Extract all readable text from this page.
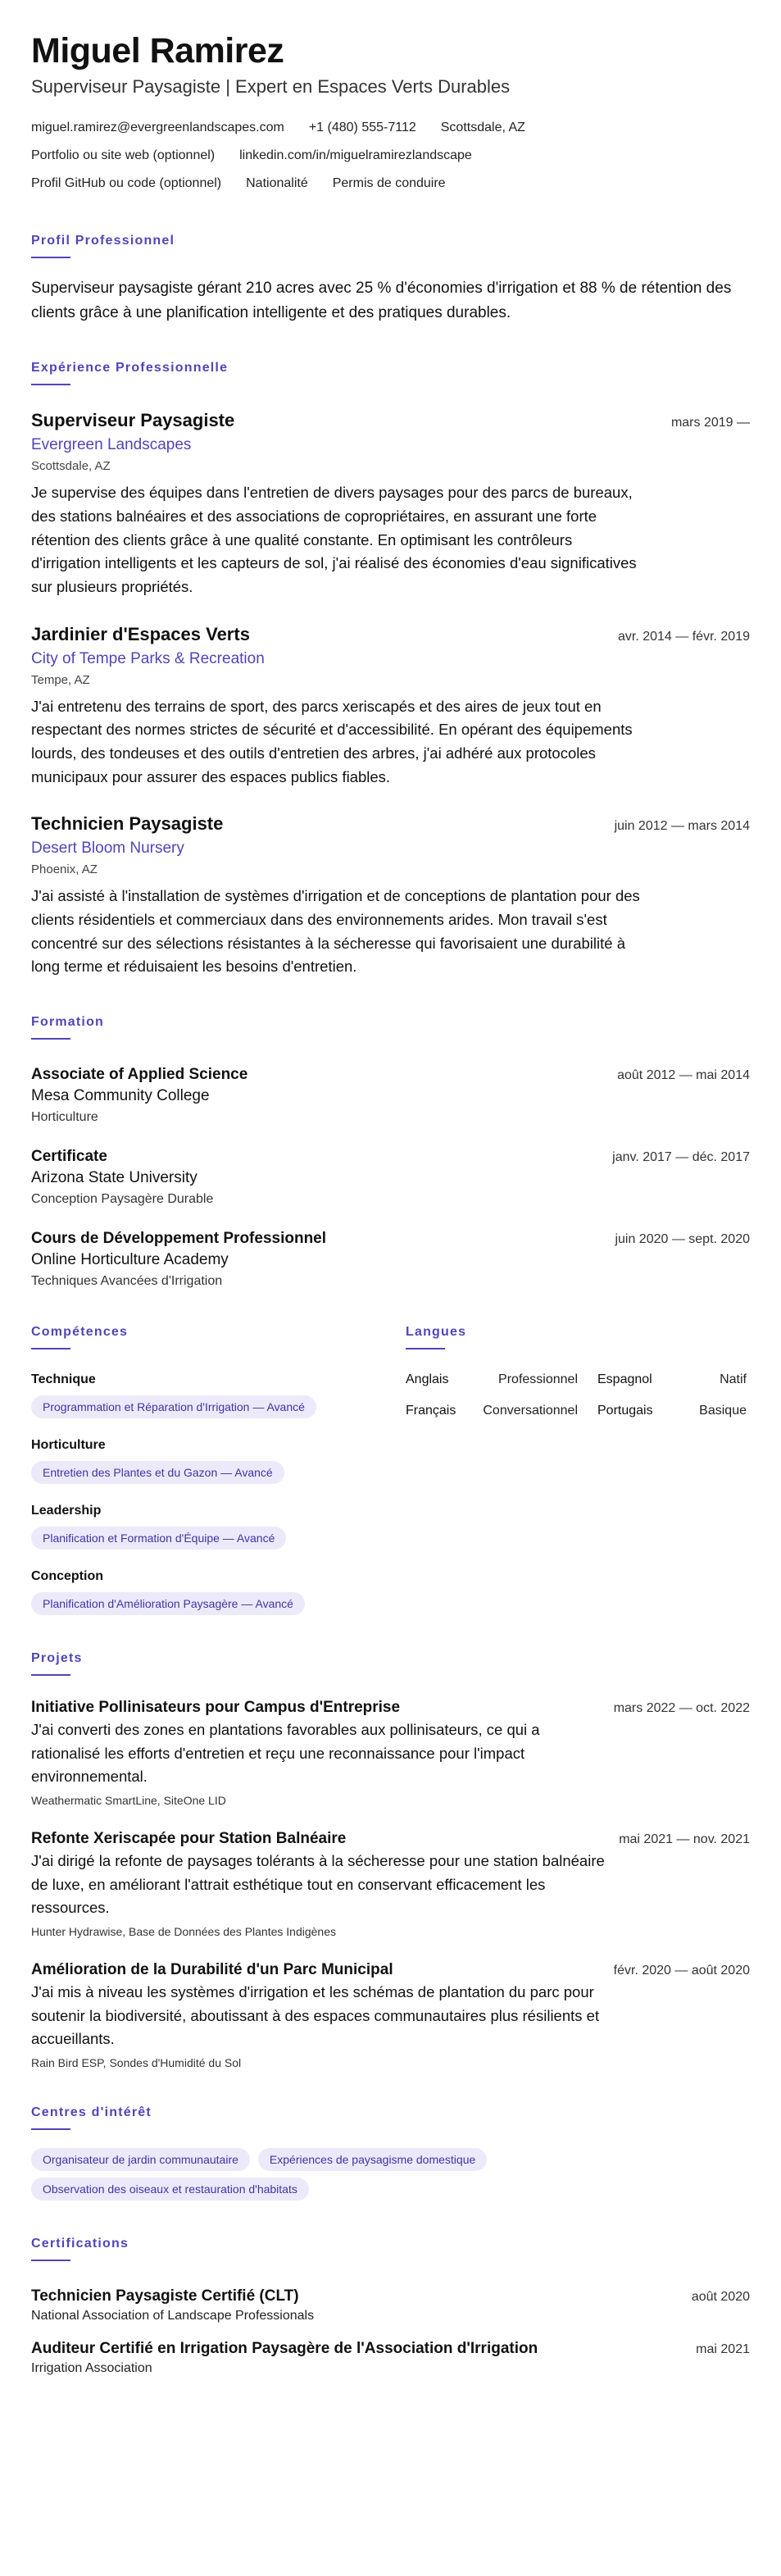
Miguel Ramirez
Superviseur Paysagiste | Expert en Espaces Verts Durables
miguel.ramirez@evergreenlandscapes.com +1 (480) 555-7112 Scottsdale, AZ
Portfolio ou site web (optionnel) linkedin.com/in/miguelramirezlandscape
Profil GitHub ou code (optionnel) Nationalité Permis de conduire
Profil Professionnel

Superviseur paysagiste gérant 210 acres avec 25 % d'économies d'irrigation et 88 % de rétention des clients grâce à une planification intelligente et des pratiques durables.

Expérience Professionnelle
Superviseur Paysagiste	mars 2019 —
Evergreen Landscapes
Scottsdale, AZ

Je supervise des équipes dans l'entretien de divers paysages pour des parcs de bureaux, des stations balnéaires et des associations de copropriétaires, en assurant une forte rétention des clients grâce à une qualité constante. En optimisant les contrôleurs d'irrigation intelligents et les capteurs de sol, j'ai réalisé des économies d'eau significatives sur plusieurs propriétés.

Jardinier d'Espaces Verts	avr. 2014 — févr. 2019
City of Tempe Parks & Recreation
Tempe, AZ

J'ai entretenu des terrains de sport, des parcs xeriscapés et des aires de jeux tout en respectant des normes strictes de sécurité et d'accessibilité. En opérant des équipements lourds, des tondeuses et des outils d'entretien des arbres, j'ai adhéré aux protocoles municipaux pour assurer des espaces publics fiables.

Technicien Paysagiste	juin 2012 — mars 2014
Desert Bloom Nursery
Phoenix, AZ

J'ai assisté à l'installation de systèmes d'irrigation et de conceptions de plantation pour des clients résidentiels et commerciaux dans des environnements arides. Mon travail s'est concentré sur des sélections résistantes à la sécheresse qui favorisaient une durabilité à long terme et réduisaient les besoins d'entretien.

Formation
Associate of Applied Science	août 2012 — mai 2014
Mesa Community College
Horticulture
Certificate	janv. 2017 — déc. 2017
Arizona State University
Conception Paysagère Durable
Cours de Développement Professionnel	juin 2020 — sept. 2020
Online Horticulture Academy
Techniques Avancées d'Irrigation
Compétences
Technique
Programmation et Réparation d'Irrigation — Avancé
Horticulture
Entretien des Plantes et du Gazon — Avancé
Leadership
Planification et Formation d'Équipe — Avancé
Conception
Planification d'Amélioration Paysagère — Avancé
Langues
Anglais	Professionnel	Espagnol	Natif
Français	Conversationnel	Portugais	Basique
Projets
Initiative Pollinisateurs pour Campus d'Entreprise	mars 2022 — oct. 2022

J'ai converti des zones en plantations favorables aux pollinisateurs, ce qui a rationalisé les efforts d'entretien et reçu une reconnaissance pour l'impact environnemental.

Weathermatic SmartLine, SiteOne LID
Refonte Xeriscapée pour Station Balnéaire	mai 2021 — nov. 2021

J'ai dirigé la refonte de paysages tolérants à la sécheresse pour une station balnéaire de luxe, en améliorant l'attrait esthétique tout en conservant efficacement les ressources.

Hunter Hydrawise, Base de Données des Plantes Indigènes
Amélioration de la Durabilité d'un Parc Municipal	févr. 2020 — août 2020

J'ai mis à niveau les systèmes d'irrigation et les schémas de plantation du parc pour soutenir la biodiversité, aboutissant à des espaces communautaires plus résilients et accueillants.

Rain Bird ESP, Sondes d'Humidité du Sol
Centres d'intérêt
Organisateur de jardin communautaire	Expériences de paysagisme domestique
Observation des oiseaux et restauration d'habitats
Certifications
Technicien Paysagiste Certifié (CLT)	août 2020
National Association of Landscape Professionals
Auditeur Certifié en Irrigation Paysagère de l'Association d'Irrigation	mai 2021
Irrigation Association
